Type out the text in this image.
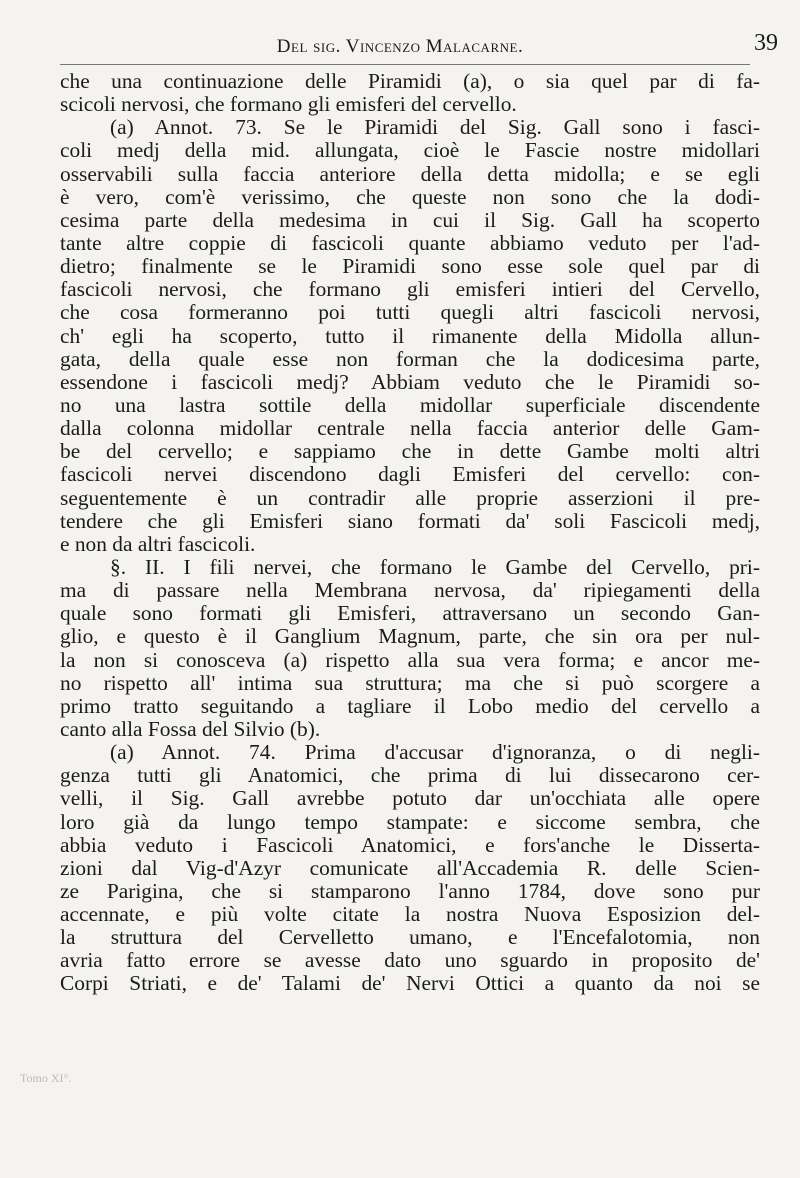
Del sig. Vincenzo Malacarne.	39
che una continuazione delle Piramidi (a), o sia quel par di fa-
scicoli nervosi, che formano gli emisferi del cervello.
(a) Annot. 73. Se le Piramidi del Sig. Gall sono i fasci-
coli medj della mid. allungata, cioè le Fascie nostre midollari
osservabili sulla faccia anteriore della detta midolla; e se egli
è vero, com'è verissimo, che queste non sono che la dodi-
cesima parte della medesima in cui il Sig. Gall ha scoperto
tante altre coppie di fascicoli quante abbiamo veduto per l'ad-
dietro; finalmente se le Piramidi sono esse sole quel par di
fascicoli nervosi, che formano gli emisferi intieri del Cervello,
che cosa formeranno poi tutti quegli altri fascicoli nervosi,
ch' egli ha scoperto, tutto il rimanente della Midolla allun-
gata, della quale esse non forman che la dodicesima parte,
essendone i fascicoli medj? Abbiam veduto che le Piramidi so-
no una lastra sottile della midollar superficiale discendente
dalla colonna midollar centrale nella faccia anterior delle Gam-
be del cervello; e sappiamo che in dette Gambe molti altri
fascicoli nervei discendono dagli Emisferi del cervello: con-
seguentemente è un contradir alle proprie asserzioni il pre-
tendere che gli Emisferi siano formati da' soli Fascicoli medj,
e non da altri fascicoli.
§. II. I fili nervei, che formano le Gambe del Cervello, pri-
ma di passare nella Membrana nervosa, da' ripiegamenti della
quale sono formati gli Emisferi, attraversano un secondo Gan-
glio, e questo è il Ganglium Magnum, parte, che sin ora per nul-
la non si conosceva (a) rispetto alla sua vera forma; e ancor me-
no rispetto all' intima sua struttura; ma che si può scorgere a
primo tratto seguitando a tagliare il Lobo medio del cervello a
canto alla Fossa del Silvio (b).
(a) Annot. 74. Prima d'accusar d'ignoranza, o di negli-
genza tutti gli Anatomici, che prima di lui dissecarono cer-
velli, il Sig. Gall avrebbe potuto dar un'occhiata alle opere
loro già da lungo tempo stampate: e siccome sembra, che
abbia veduto i Fascicoli Anatomici, e fors'anche le Disserta-
zioni dal Vig-d'Azyr comunicate all'Accademia R. delle Scien-
ze Parigina, che si stamparono l'anno 1784, dove sono pur
accennate, e più volte citate la nostra Nuova Esposizion del-
la struttura del Cervelletto umano, e l'Encefalotomia, non
avria fatto errore se avesse dato uno sguardo in proposito de'
Corpi Striati, e de' Talami de' Nervi Ottici a quanto da noi se
Tomo XI°.
